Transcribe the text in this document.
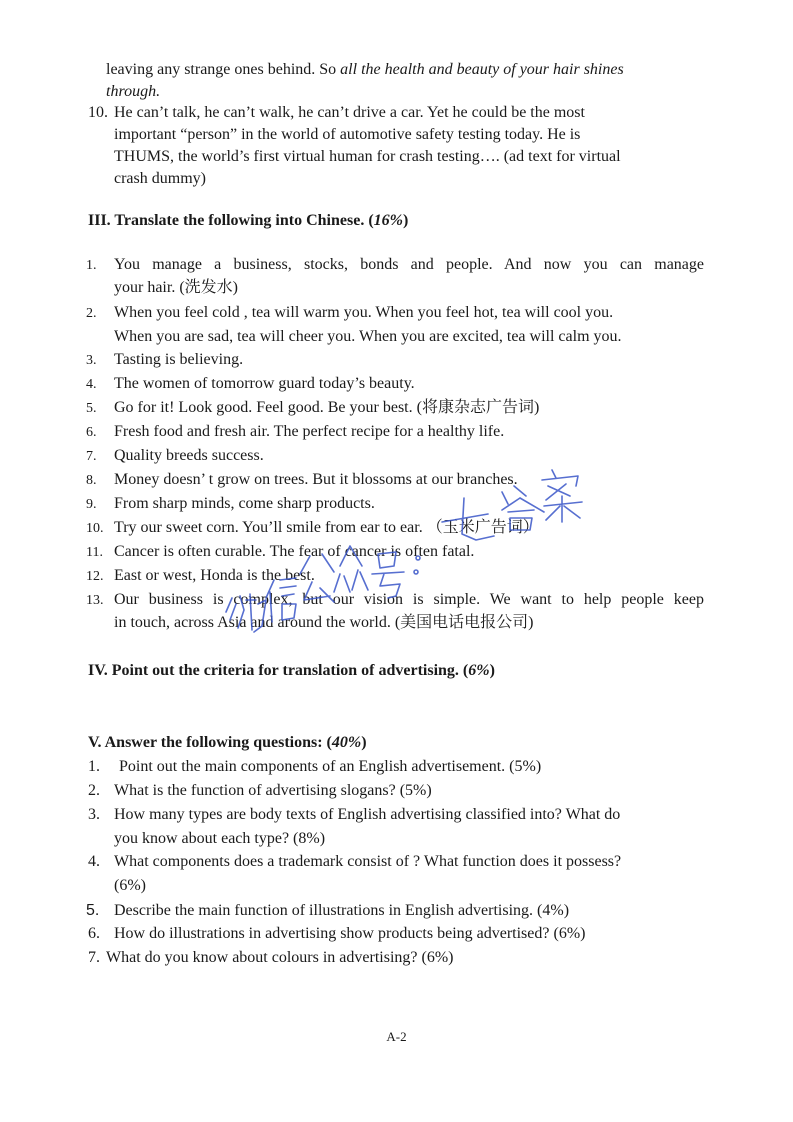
leaving any strange ones behind. So all the health and beauty of your hair shines
through.
10. He can’t talk, he can’t walk, he can’t drive a car. Yet he could be the most
important “person” in the world of automotive safety testing today. He is
THUMS, the world’s first virtual human for crash testing…. (ad text for virtual
crash dummy)
III. Translate the following into Chinese. (16%)
1. You manage a business, stocks, bonds and people. And now you can manage
your hair. (洗发水)
2. When you feel cold , tea will warm you. When you feel hot, tea will cool you.
When you are sad, tea will cheer you. When you are excited, tea will calm you.
3. Tasting is believing.
4. The women of tomorrow guard today’s beauty.
5. Go for it! Look good. Feel good. Be your best. (将康杂志广告词)
6. Fresh food and fresh air. The perfect recipe for a healthy life.
7. Quality breeds success.
8. Money doesn’ t grow on trees. But it blossoms at our branches.
9. From sharp minds, come sharp products.
10. Try our sweet corn. You’ll smile from ear to ear. （玉米广告词）
11. Cancer is often curable. The fear of cancer is often fatal.
12. East or west, Honda is the best.
13. Our business is complex, but our vision is simple. We want to help people keep
in touch, across Asia and around the world. (美国电话电报公司)
IV. Point out the criteria for translation of advertising. (6%)
V. Answer the following questions: (40%)
1. Point out the main components of an English advertisement. (5%)
2. What is the function of advertising slogans? (5%)
3. How many types are body texts of English advertising classified into? What do
you know about each type? (8%)
4. What components does a trademark consist of ? What function does it possess?
(6%)
5. Describe the main function of illustrations in English advertising. (4%)
6. How do illustrations in advertising show products being advertised? (6%)
7. What do you know about colours in advertising? (6%)
A-2
